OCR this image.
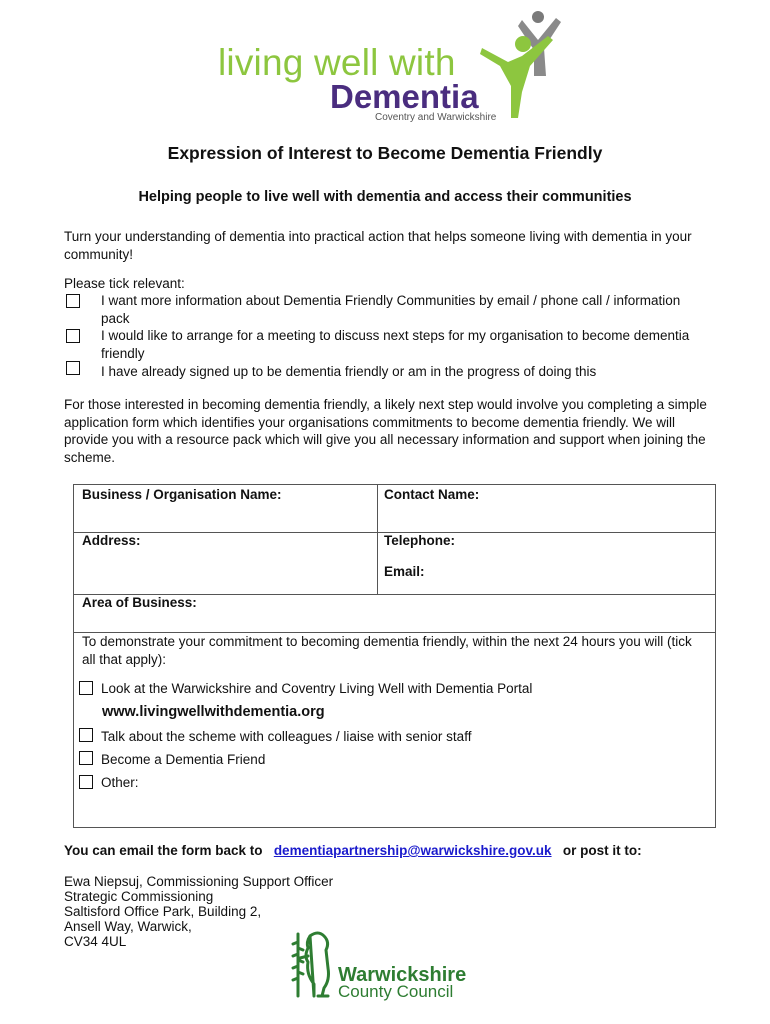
living well with
Dementia
Coventry and Warwickshire
Expression of Interest to Become Dementia Friendly
Helping people to live well with dementia and access their communities
Turn your understanding of dementia into practical action that helps someone living with dementia in your community!
Please tick relevant:
I want more information about Dementia Friendly Communities by email / phone call / information pack
I would like to arrange for a meeting to discuss next steps for my organisation to become dementia friendly
I have already signed up to be dementia friendly or am in the progress of doing this
For those interested in becoming dementia friendly, a likely next step would involve you completing a simple application form which identifies your organisations commitments to become dementia friendly. We will provide you with a resource pack which will give you all necessary information and support when joining the scheme.
Business / Organisation Name:	Contact Name:
Address:	Telephone:
Email:
Area of Business:
To demonstrate your commitment to becoming dementia friendly, within the next 24 hours you will (tick all that apply):
Look at the Warwickshire and Coventry Living Well with Dementia Portal
www.livingwellwithdementia.org
Talk about the scheme with colleagues / liaise with senior staff
Become a Dementia Friend
Other:
You can email the form back to dementiapartnership@warwickshire.gov.uk or post it to:
Ewa Niepsuj, Commissioning Support Officer
Strategic Commissioning
Saltisford Office Park, Building 2,
Ansell Way, Warwick,
CV34 4UL
Warwickshire
County Council
